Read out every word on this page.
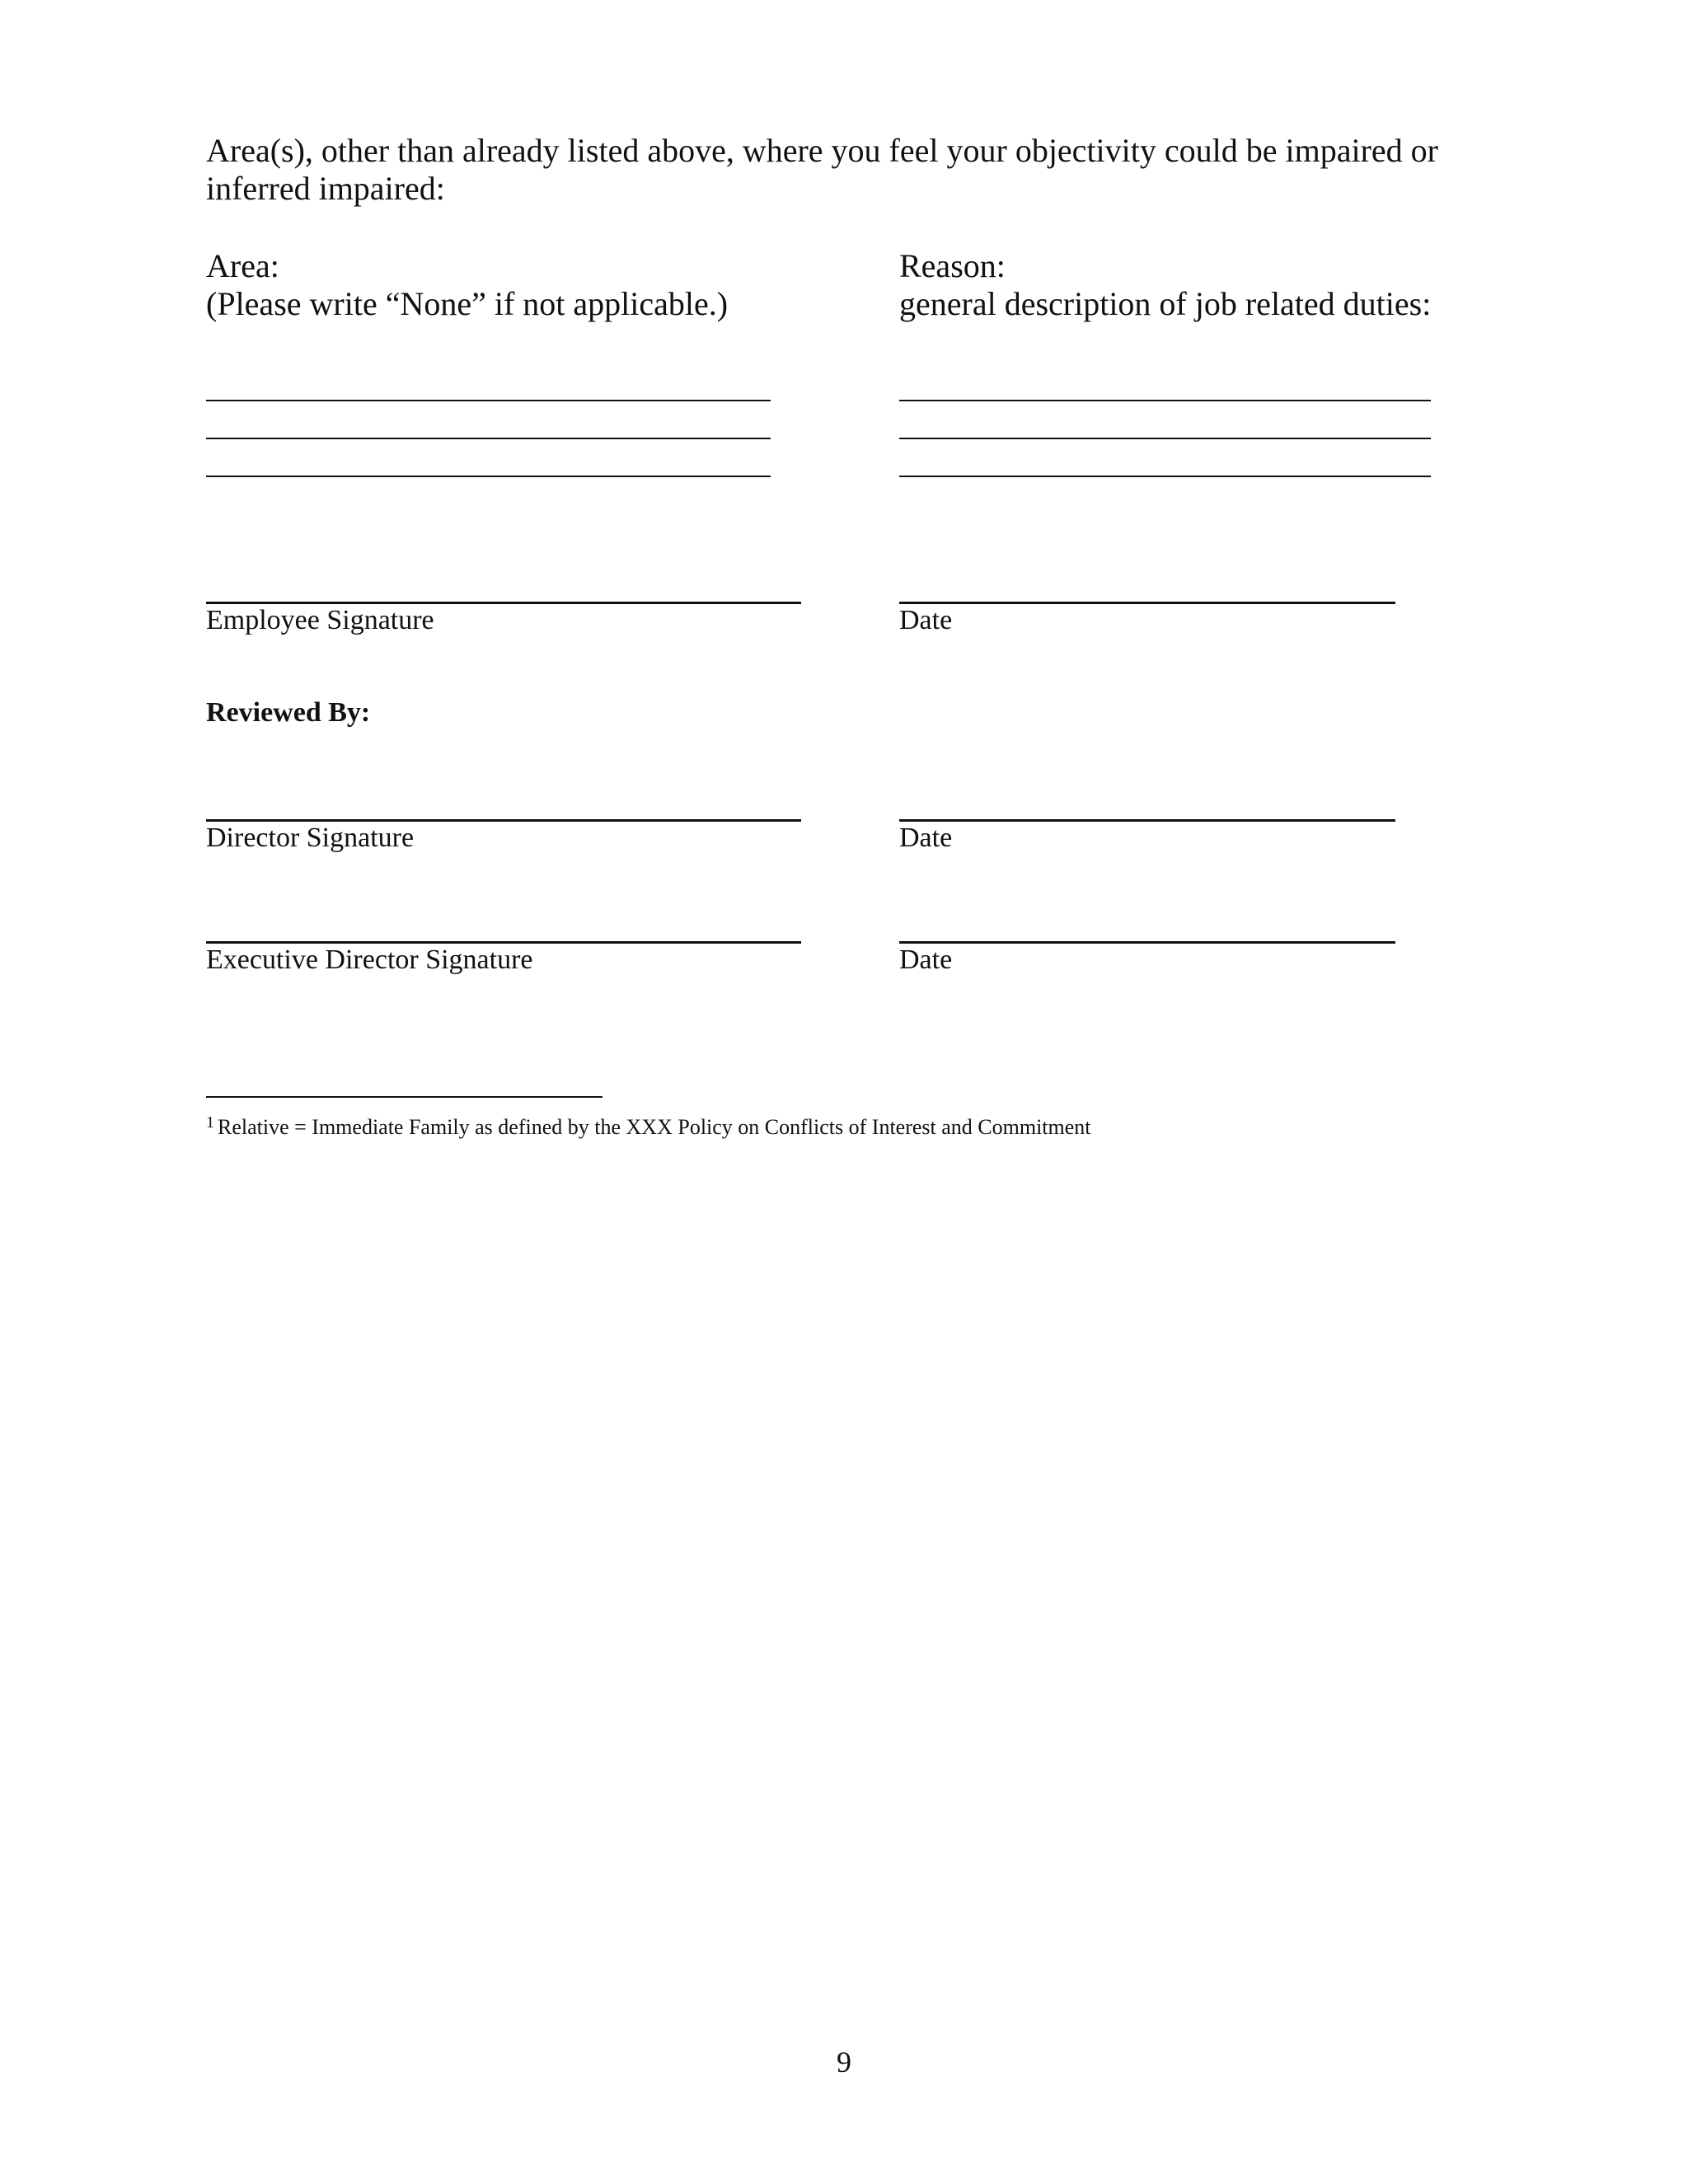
Area(s), other than already listed above, where you feel your objectivity could be impaired or inferred impaired:
Area:
(Please write “None” if not applicable.)
Reason:
general description of job related duties:
Employee Signature	Date
Reviewed By:
Director Signature	Date
Executive Director Signature	Date
$^1$ Relative = Immediate Family as defined by the XXX Policy on Conflicts of Interest and Commitment
9
